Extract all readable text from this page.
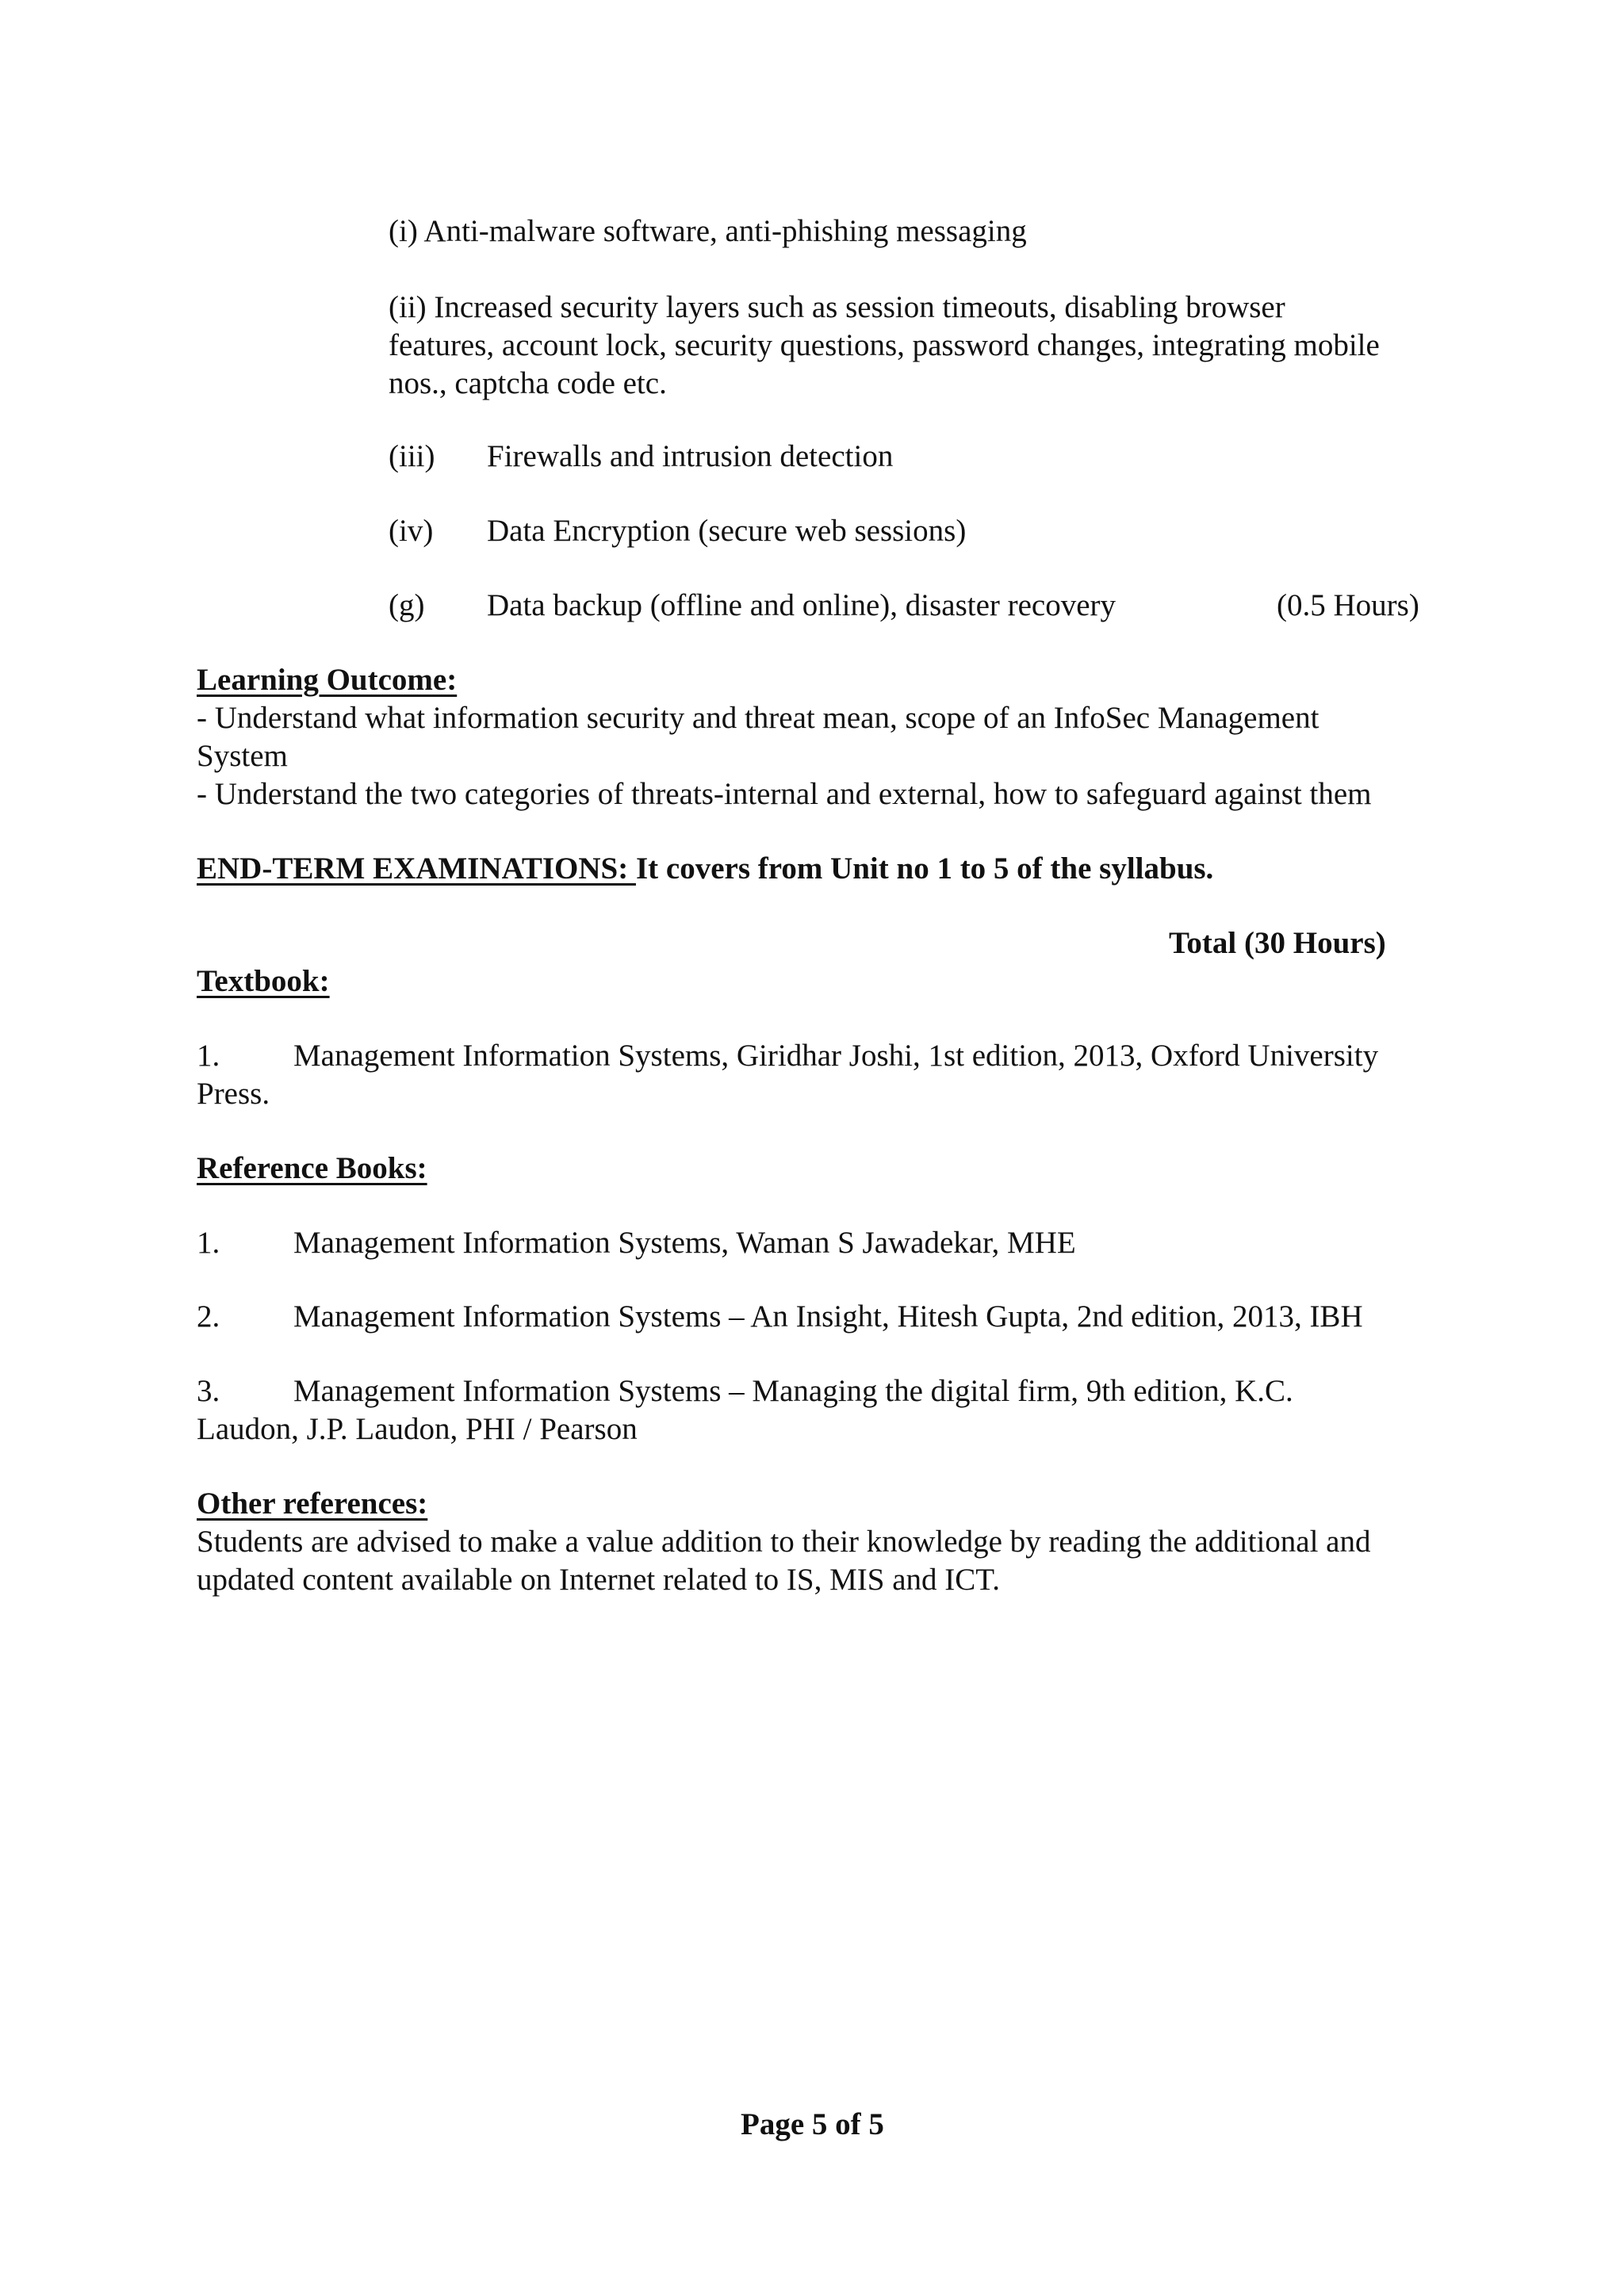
(i) Anti-malware software, anti-phishing messaging
(ii) Increased security layers such as session timeouts, disabling browser
features, account lock, security questions, password changes, integrating mobile
nos., captcha code etc.
(iii) Firewalls and intrusion detection
(iv) Data Encryption (secure web sessions)
(g) Data backup (offline and online), disaster recovery	(0.5 Hours)
Learning Outcome:
- Understand what information security and threat mean, scope of an InfoSec Management
System
- Understand the two categories of threats-internal and external, how to safeguard against them
END-TERM EXAMINATIONS: It covers from Unit no 1 to 5 of the syllabus.
Total (30 Hours)
Textbook:
1. Management Information Systems, Giridhar Joshi, 1st edition, 2013, Oxford University
Press.
Reference Books:
1. Management Information Systems, Waman S Jawadekar, MHE
2. Management Information Systems – An Insight, Hitesh Gupta, 2nd edition, 2013, IBH
3. Management Information Systems – Managing the digital firm, 9th edition, K.C.
Laudon, J.P. Laudon, PHI / Pearson
Other references:
Students are advised to make a value addition to their knowledge by reading the additional and
updated content available on Internet related to IS, MIS and ICT.
Page 5 of 5
